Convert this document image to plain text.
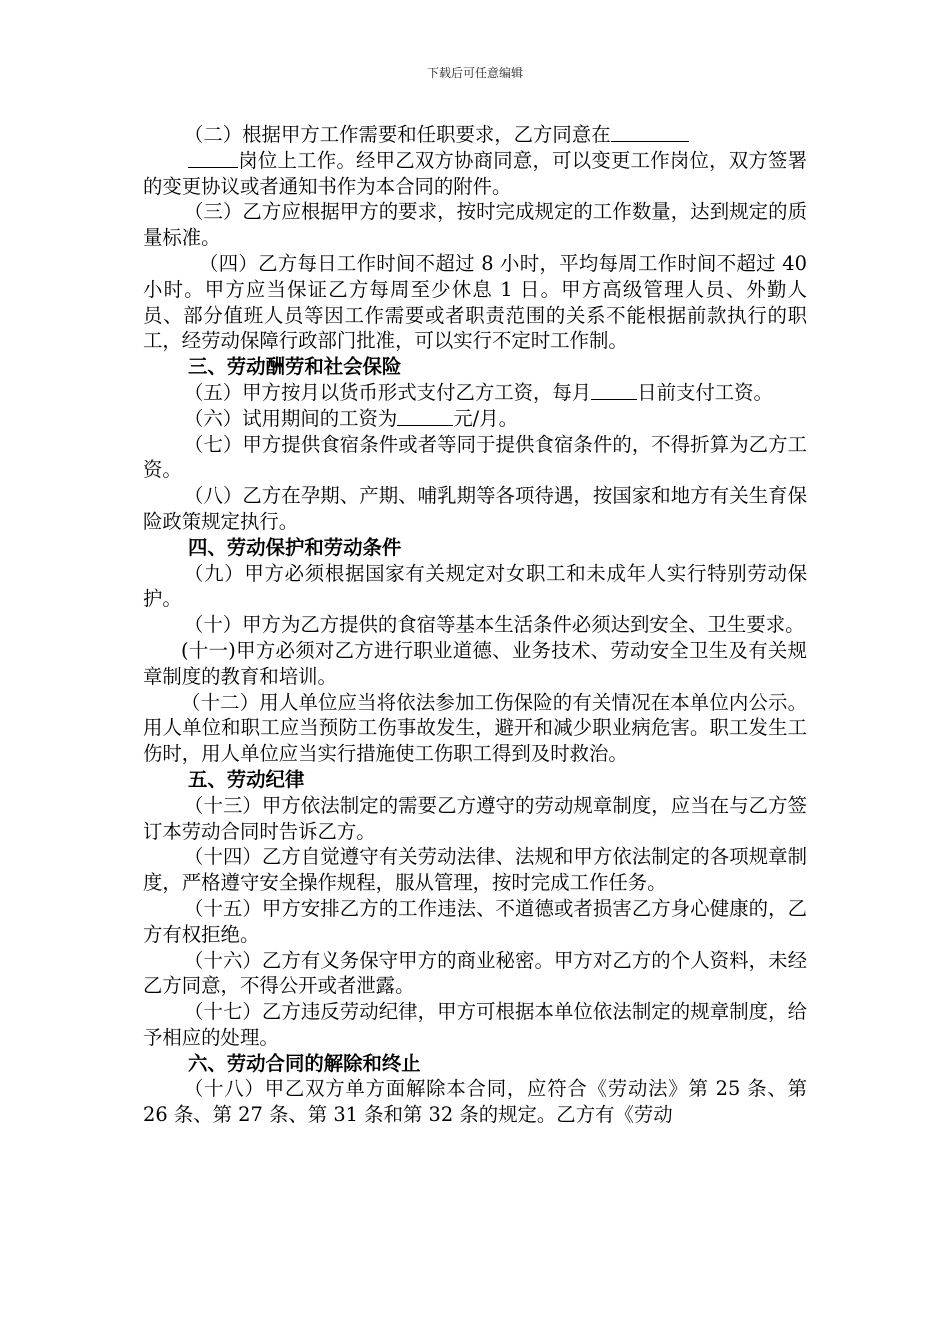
下载后可任意编辑

（二）根据甲方工作需要和任职要求，乙方同意在

岗位上工作。经甲乙双方协商同意，可以变更工作岗位，双方签署的变更协议或者通知书作为本合同的附件。

（三）乙方应根据甲方的要求，按时完成规定的工作数量，达到规定的质量标准。

（四）乙方每日工作时间不超过 8 小时，平均每周工作时间不超过 40 小时。甲方应当保证乙方每周至少休息 1 日。甲方高级管理人员、外勤人员、部分值班人员等因工作需要或者职责范围的关系不能根据前款执行的职工，经劳动保障行政部门批准，可以实行不定时工作制。

三、劳动酬劳和社会保险

（五）甲方按月以货币形式支付乙方工资，每月 日前支付工资。

（六）试用期间的工资为	元/月。

（七）甲方提供食宿条件或者等同于提供食宿条件的，不得折算为乙方工资。

（八）乙方在孕期、产期、哺乳期等各项待遇，按国家和地方有关生育保险政策规定执行。

四、劳动保护和劳动条件

（九）甲方必须根据国家有关规定对女职工和未成年人实行特别劳动保护。

（十）甲方为乙方提供的食宿等基本生活条件必须达到安全、卫生要求。

(十一)甲方必须对乙方进行职业道德、业务技术、劳动安全卫生及有关规章制度的教育和培训。

（十二）用人单位应当将依法参加工伤保险的有关情况在本单位内公示。用人单位和职工应当预防工伤事故发生，避开和减少职业病危害。职工发生工伤时，用人单位应当实行措施使工伤职工得到及时救治。

五、劳动纪律

（十三）甲方依法制定的需要乙方遵守的劳动规章制度，应当在与乙方签订本劳动合同时告诉乙方。

（十四）乙方自觉遵守有关劳动法律、法规和甲方依法制定的各项规章制度，严格遵守安全操作规程，服从管理，按时完成工作任务。

（十五）甲方安排乙方的工作违法、不道德或者损害乙方身心健康的，乙方有权拒绝。

（十六）乙方有义务保守甲方的商业秘密。甲方对乙方的个人资料，未经乙方同意，不得公开或者泄露。

（十七）乙方违反劳动纪律，甲方可根据本单位依法制定的规章制度，给予相应的处理。

六、劳动合同的解除和终止

（十八）甲乙双方单方面解除本合同，应符合《劳动法》第 25 条、第 26 条、第 27 条、第 31 条和第 32 条的规定。乙方有《劳动
